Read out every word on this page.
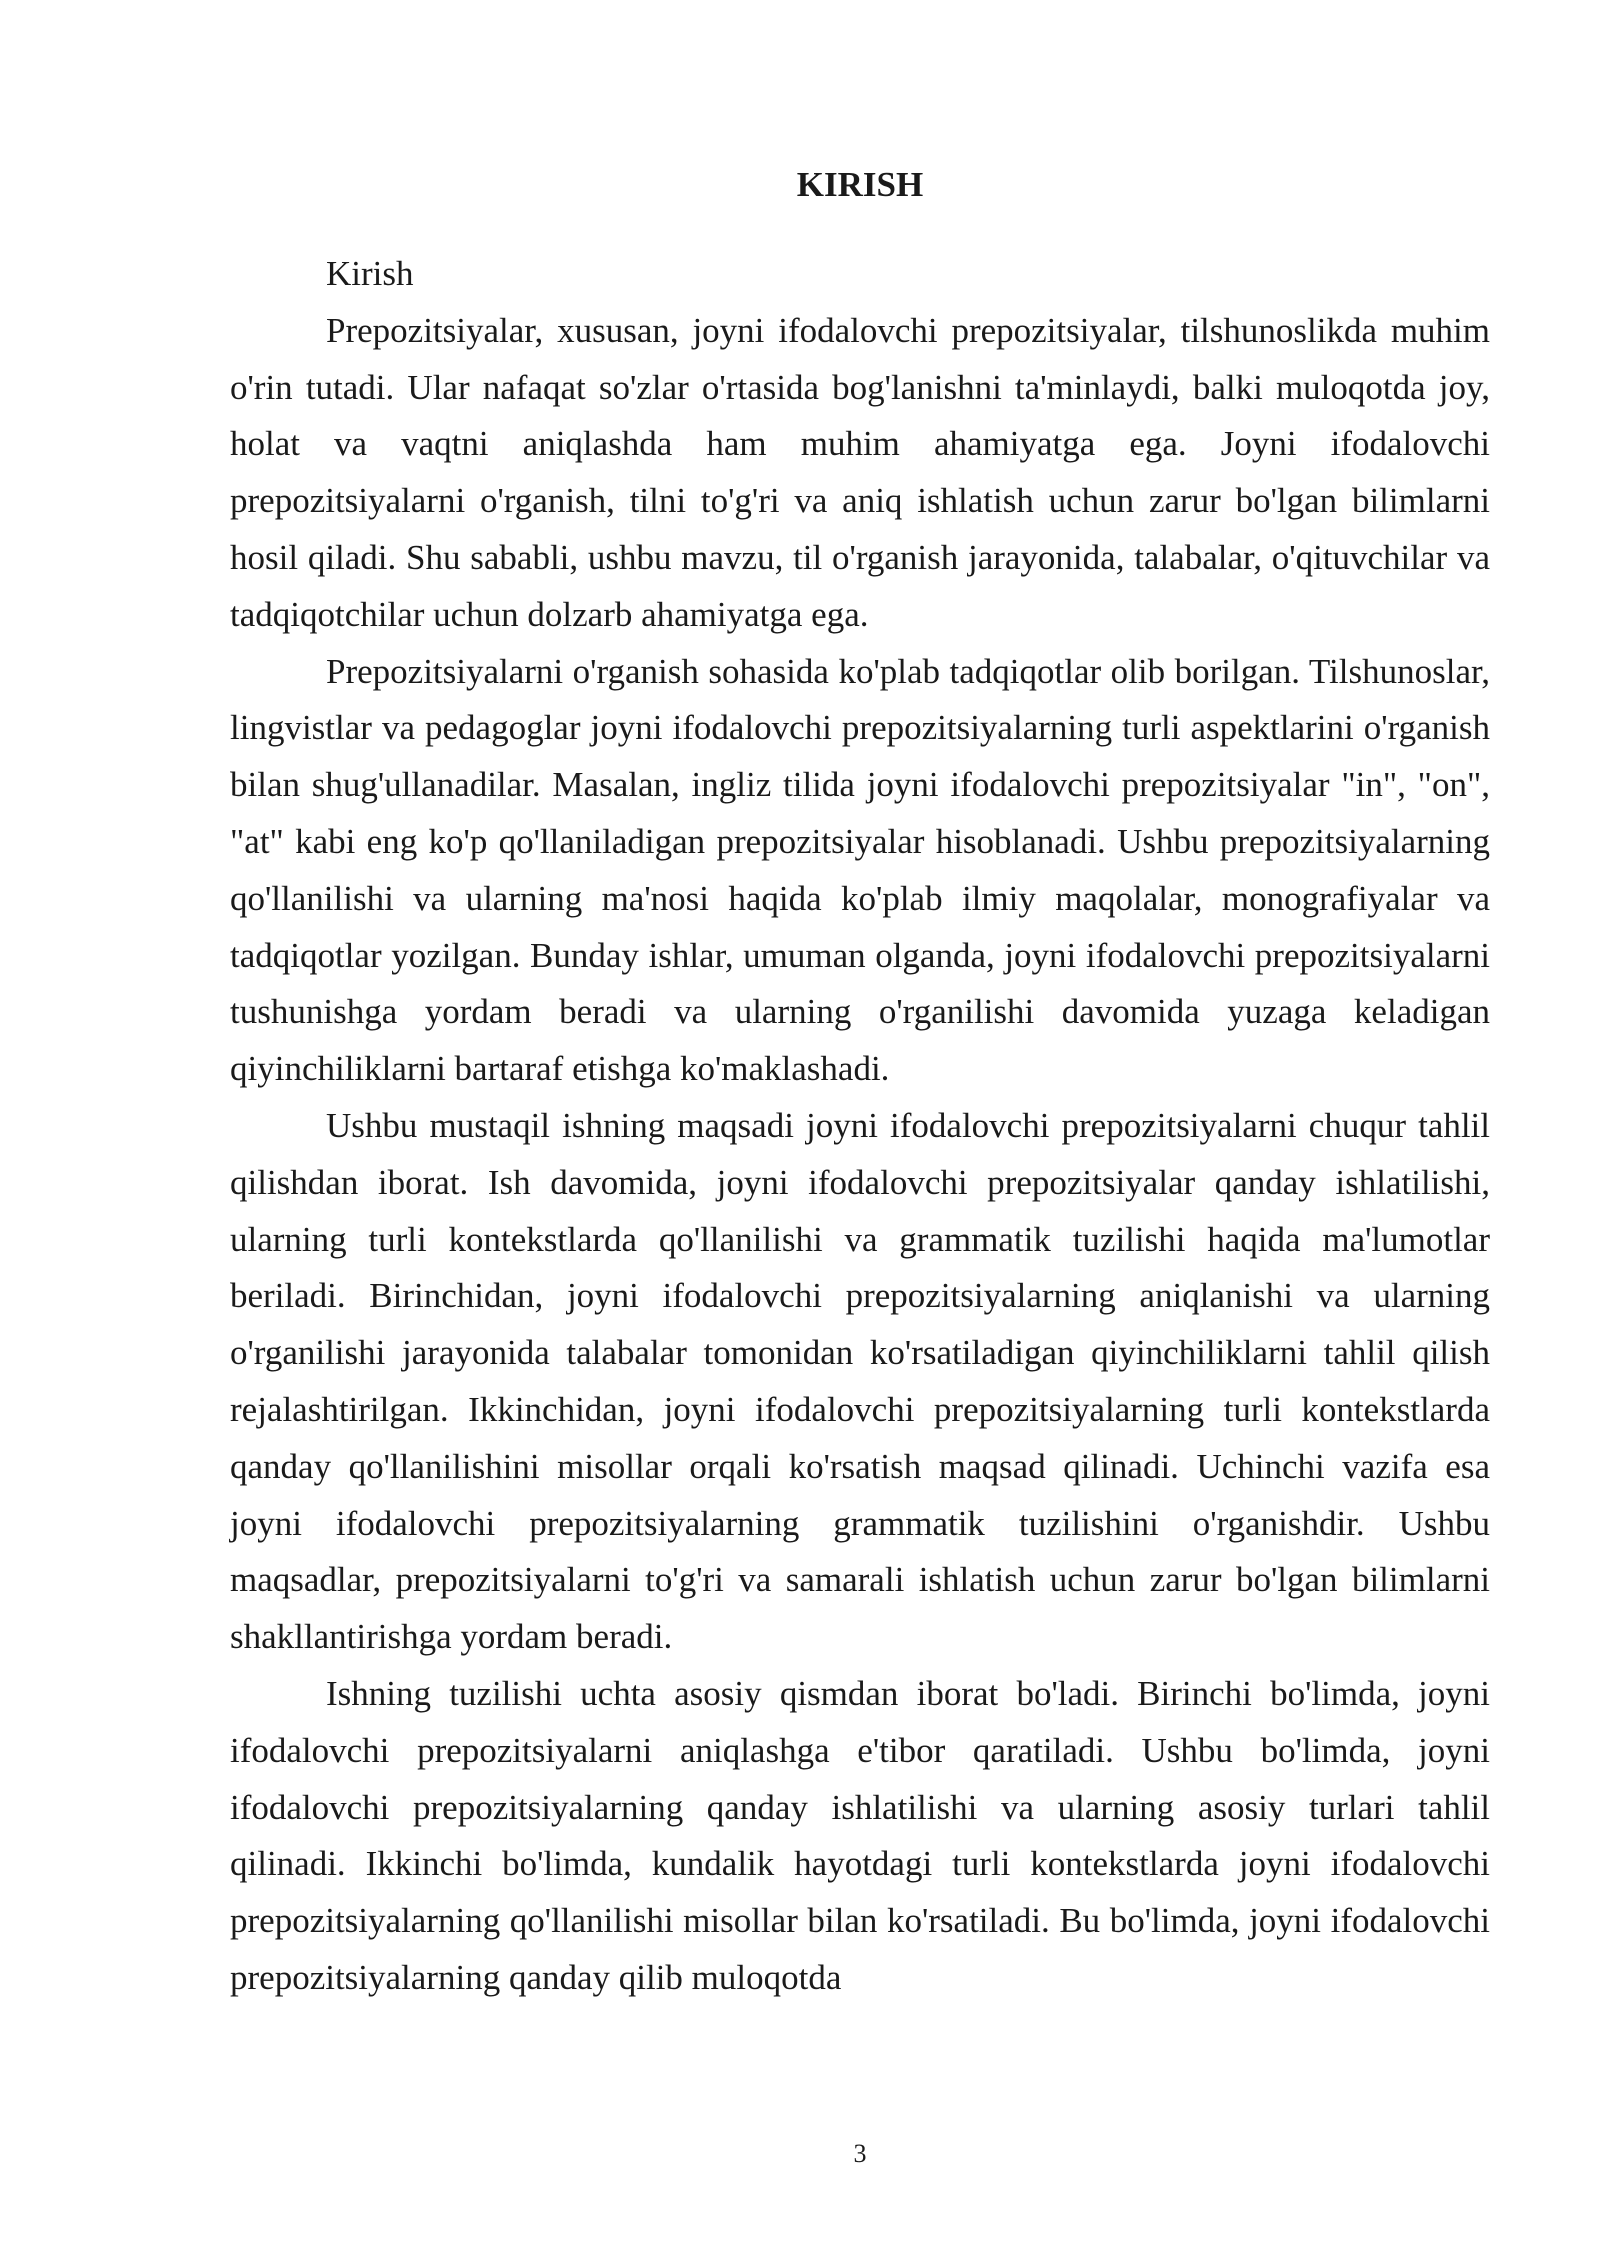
KIRISH

Kirish

Prepozitsiyalar, xususan, joyni ifodalovchi prepozitsiyalar, tilshunoslikda muhim o'rin tutadi. Ular nafaqat so'zlar o'rtasida bog'lanishni ta'minlaydi, balki muloqotda joy, holat va vaqtni aniqlashda ham muhim ahamiyatga ega. Joyni ifodalovchi prepozitsiyalarni o'rganish, tilni to'g'ri va aniq ishlatish uchun zarur bo'lgan bilimlarni hosil qiladi. Shu sababli, ushbu mavzu, til o'rganish jarayonida, talabalar, o'qituvchilar va tadqiqotchilar uchun dolzarb ahamiyatga ega.

Prepozitsiyalarni o'rganish sohasida ko'plab tadqiqotlar olib borilgan. Tilshunoslar, lingvistlar va pedagoglar joyni ifodalovchi prepozitsiyalarning turli aspektlarini o'rganish bilan shug'ullanadilar. Masalan, ingliz tilida joyni ifodalovchi prepozitsiyalar "in", "on", "at" kabi eng ko'p qo'llaniladigan prepozitsiyalar hisoblanadi. Ushbu prepozitsiyalarning qo'llanilishi va ularning ma'nosi haqida ko'plab ilmiy maqolalar, monografiyalar va tadqiqotlar yozilgan. Bunday ishlar, umuman olganda, joyni ifodalovchi prepozitsiyalarni tushunishga yordam beradi va ularning o'rganilishi davomida yuzaga keladigan qiyinchiliklarni bartaraf etishga ko'maklashadi.

Ushbu mustaqil ishning maqsadi joyni ifodalovchi prepozitsiyalarni chuqur tahlil qilishdan iborat. Ish davomida, joyni ifodalovchi prepozitsiyalar qanday ishlatilishi, ularning turli kontekstlarda qo'llanilishi va grammatik tuzilishi haqida ma'lumotlar beriladi. Birinchidan, joyni ifodalovchi prepozitsiyalarning aniqlanishi va ularning o'rganilishi jarayonida talabalar tomonidan ko'rsatiladigan qiyinchiliklarni tahlil qilish rejalashtirilgan. Ikkinchidan, joyni ifodalovchi prepozitsiyalarning turli kontekstlarda qanday qo'llanilishini misollar orqali ko'rsatish maqsad qilinadi. Uchinchi vazifa esa joyni ifodalovchi prepozitsiyalarning grammatik tuzilishini o'rganishdir. Ushbu maqsadlar, prepozitsiyalarni to'g'ri va samarali ishlatish uchun zarur bo'lgan bilimlarni shakllantirishga yordam beradi.

Ishning tuzilishi uchta asosiy qismdan iborat bo'ladi. Birinchi bo'limda, joyni ifodalovchi prepozitsiyalarni aniqlashga e'tibor qaratiladi. Ushbu bo'limda, joyni ifodalovchi prepozitsiyalarning qanday ishlatilishi va ularning asosiy turlari tahlil qilinadi. Ikkinchi bo'limda, kundalik hayotdagi turli kontekstlarda joyni ifodalovchi prepozitsiyalarning qo'llanilishi misollar bilan ko'rsatiladi. Bu bo'limda, joyni ifodalovchi prepozitsiyalarning qanday qilib muloqotda

3
